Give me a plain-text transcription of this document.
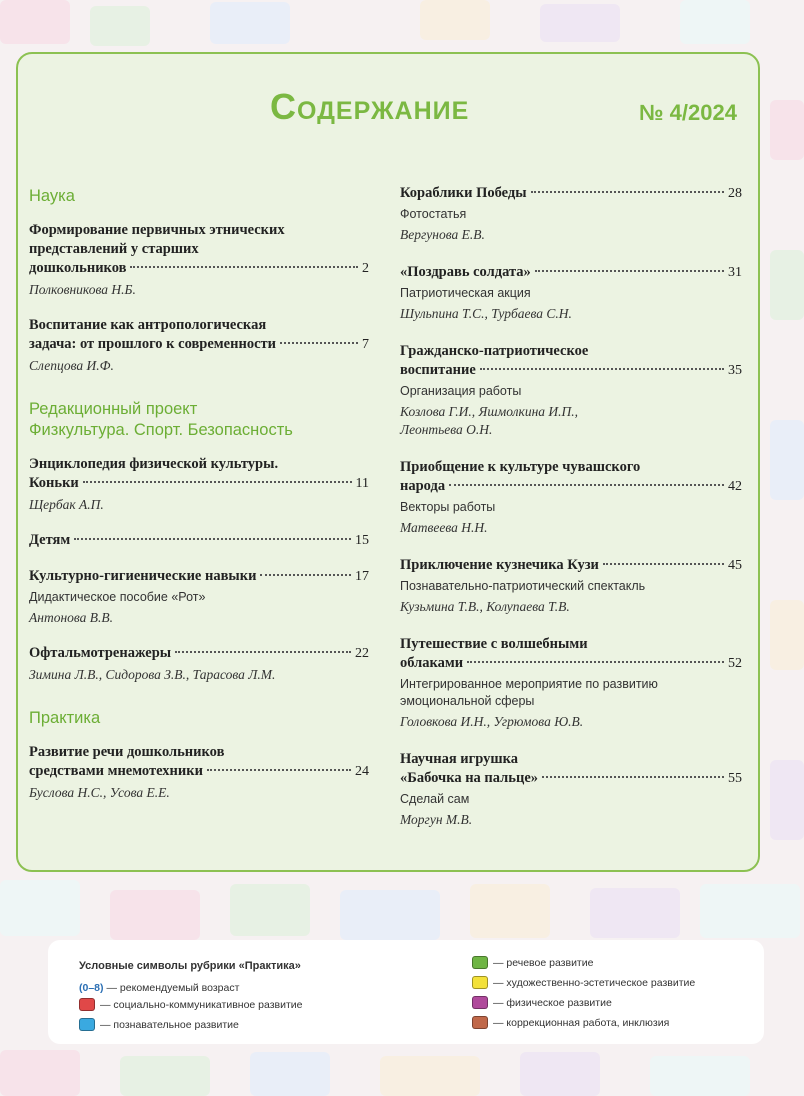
Содержание	№ 4/2024
Наука
Формирование первичных этнических
представлений у старших
дошкольников	2
Полковникова Н.Б.
Воспитание как антропологическая
задача: от прошлого к современности	7
Слепцова И.Ф.
Редакционный проект
Физкультура. Спорт. Безопасность
Энциклопедия физической культуры.
Коньки	11
Щербак А.П.
Детям	15
Культурно-гигиенические навыки	17
Дидактическое пособие «Рот»
Антонова В.В.
Офтальмотренажеры	22
Зимина Л.В., Сидорова З.В., Тарасова Л.М.
Практика
Развитие речи дошкольников
средствами мнемотехники	24
Буслова Н.С., Усова Е.Е.
Кораблики Победы	28
Фотостатья
Вергунова Е.В.
«Поздравь солдата»	31
Патриотическая акция
Шульпина Т.С., Турбаева С.Н.
Гражданско-патриотическое
воспитание	35
Организация работы
Козлова Г.И., Яшмолкина И.П.,
Леонтьева О.Н.
Приобщение к культуре чувашского
народа	42
Векторы работы
Матвеева Н.Н.
Приключение кузнечика Кузи	45
Познавательно-патриотический спектакль
Кузьмина Т.В., Колупаева Т.В.
Путешествие с волшебными
облаками	52
Интегрированное мероприятие по развитию эмоциональной сферы
Головкова И.Н., Угрюмова Ю.В.
Научная игрушка
«Бабочка на пальце»	55
Сделай сам
Моргун М.В.
Условные символы рубрики «Практика»
(0–8) — рекомендуемый возраст
— социально-коммуникативное развитие
— познавательное развитие
— речевое развитие
— художественно-эстетическое развитие
— физическое развитие
— коррекционная работа, инклюзия
